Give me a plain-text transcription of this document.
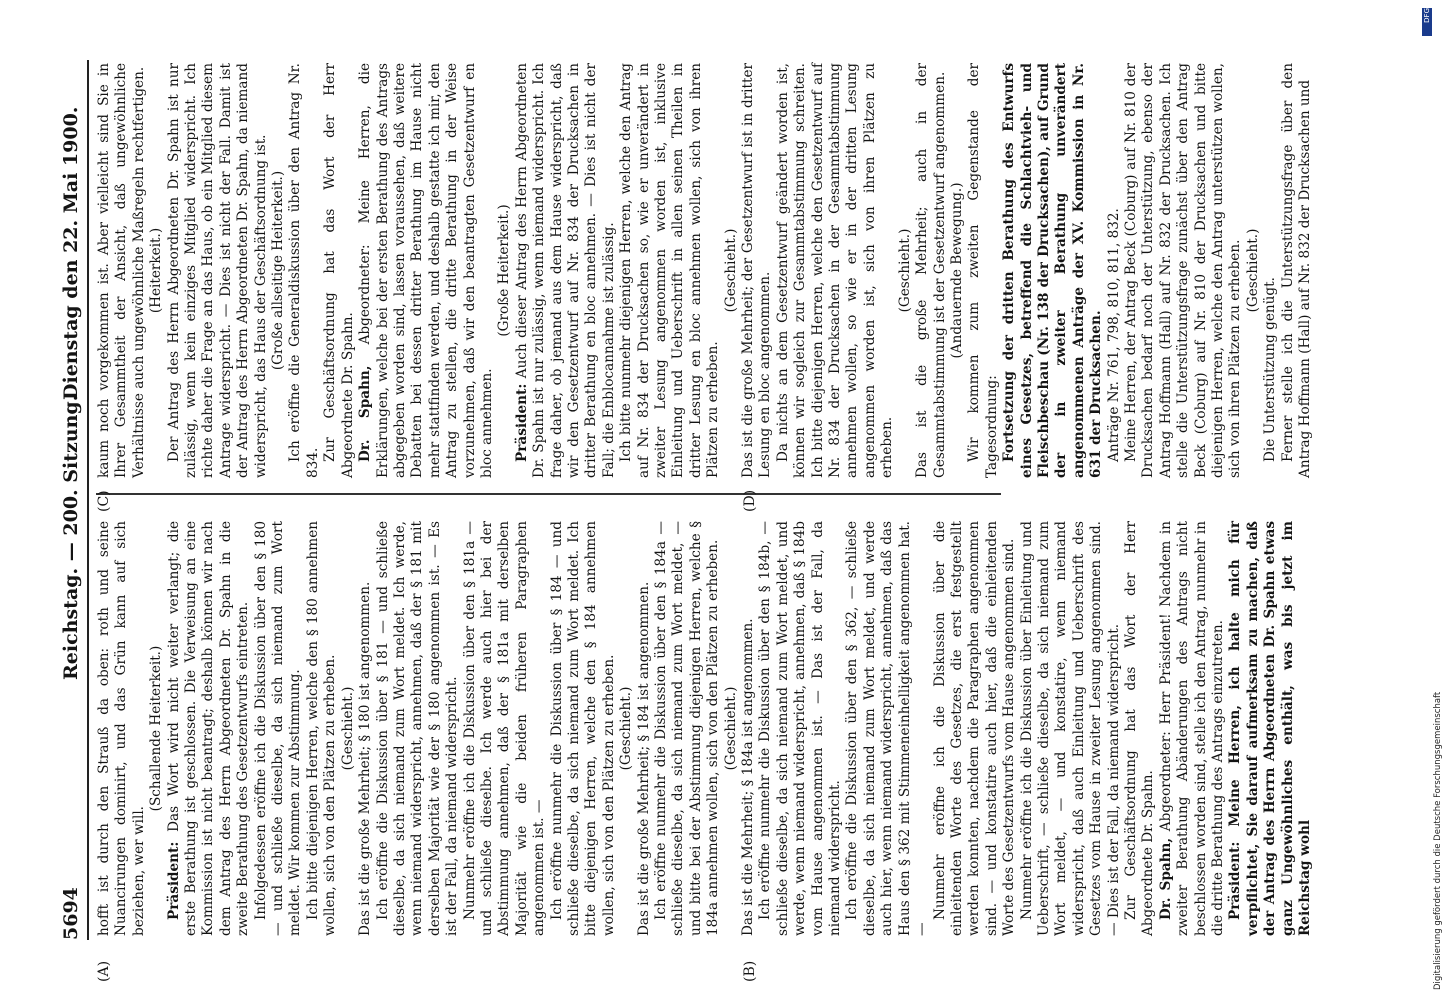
5694
Reichstag. — 200. Sitzung.
Dienstag den 22. Mai 1900.
(A)	(B)
(C)	(D)

hofft ist durch den Strauß da oben: roth und seine Nuancirungen dominirt, und das Grün kann auf sich beziehen, wer will.

(Schallende Heiterkeit.)

Präsident: Das Wort wird nicht weiter verlangt; die erste Berathung ist geschlossen. Die Verweisung an eine Kommission ist nicht beantragt; deshalb können wir nach dem Antrag des Herrn Abgeordneten Dr. Spahn in die zweite Berathung des Gesetzentwurfs eintreten. Infolgedessen eröffne ich die Diskussion über den § 180 — und schließe dieselbe, da sich niemand zum Wort meldet. Wir kommen zur Abstimmung. Ich bitte diejenigen Herren, welche den § 180 annehmen wollen, sich von den Plätzen zu erheben. (Geschieht.) Das ist die große Mehrheit; § 180 ist angenommen. Ich eröffne die Diskussion über § 181 — und schließe dieselbe, da sich niemand zum Wort meldet. Ich werde, wenn niemand widerspricht, annehmen, daß der § 181 mit derselben Majorität wie der § 180 angenommen ist. — Es ist der Fall, da niemand widerspricht. Nunmehr eröffne ich die Diskussion über den § 181a — und schließe dieselbe. Ich werde auch hier bei der Abstimmung annehmen, daß der § 181a mit derselben Majorität wie die beiden früheren Paragraphen angenommen ist. — Ich eröffne nunmehr die Diskussion über § 184 — und schließe dieselbe, da sich niemand zum Wort meldet. Ich bitte diejenigen Herren, welche den § 184 annehmen wollen, sich von den Plätzen zu erheben. (Geschieht.) Das ist die große Mehrheit; § 184 ist angenommen. Ich eröffne nunmehr die Diskussion über den § 184a — schließe dieselbe, da sich niemand zum Wort meldet, — und bitte bei der Abstimmung diejenigen Herren, welche § 184a annehmen wollen, sich von den Plätzen zu erheben. (Geschieht.) Das ist die Mehrheit; § 184a ist angenommen. Ich eröffne nunmehr die Diskussion über den § 184b, — schließe dieselbe, da sich niemand zum Wort meldet, und werde, wenn niemand widerspricht, annehmen, daß § 184b vom Hause angenommen ist. — Das ist der Fall, da niemand widerspricht. Ich eröffne die Diskussion über den § 362, — schließe dieselbe, da sich niemand zum Wort meldet, und werde auch hier, wenn niemand widerspricht, annehmen, daß das Haus den § 362 mit Stimmeneinhelligkeit angenommen hat. —

Nunmehr eröffne ich die Diskussion über die einleitenden Worte des Gesetzes, die erst festgestellt werden konnten, nachdem die Paragraphen angenommen sind. — und konstatire auch hier, daß die einleitenden Worte des Gesetzentwurfs vom Hause angenommen sind. Nunmehr eröffne ich die Diskussion über Einleitung und Ueberschrift, — schließe dieselbe, da sich niemand zum Wort meldet, — und konstatire, wenn niemand widerspricht, daß auch Einleitung und Ueberschrift des Gesetzes vom Hause in zweiter Lesung angenommen sind. — Dies ist der Fall, da niemand widerspricht. Zur Geschäftsordnung hat das Wort der Herr Abgeordnete Dr. Spahn. Dr. Spahn, Abgeordneter: Herr Präsident! Nachdem in zweiter Berathung Abänderungen des Antrags nicht beschlossen worden sind, stelle ich den Antrag, nunmehr in die dritte Berathung des Antrags einzutreten. Präsident: Meine Herren, ich halte mich für verpflichtet, Sie darauf aufmerksam zu machen, daß der Antrag des Herrn Abgeordneten Dr. Spahn etwas ganz Ungewöhnliches enthält, was bis jetzt im Reichstag wohl

kaum noch vorgekommen ist. Aber vielleicht sind Sie in Ihrer Gesammtheit der Ansicht, daß ungewöhnliche Verhältnisse auch ungewöhnliche Maßregeln rechtfertigen. (Heiterkeit.) Der Antrag des Herrn Abgeordneten Dr. Spahn ist nur zulässig, wenn kein einziges Mitglied widerspricht. Ich richte daher die Frage an das Haus, ob ein Mitglied diesem Antrage widerspricht. — Dies ist nicht der Fall. Damit ist der Antrag des Herrn Abgeordneten Dr. Spahn, da niemand widerspricht, das Haus der Geschäftsordnung ist. (Große allseitige Heiterkeit.) Ich eröffne die Generaldiskussion über den Antrag Nr. 834.

Zur Geschäftsordnung hat das Wort der Herr Abgeordnete Dr. Spahn. Dr. Spahn, Abgeordneter: Meine Herren, die Erklärungen, welche bei der ersten Berathung des Antrags abgegeben worden sind, lassen voraussehen, daß weitere Debatten bei dessen dritter Berathung im Hause nicht mehr stattfinden werden, und deshalb gestatte ich mir, den Antrag zu stellen, die dritte Berathung in der Weise vorzunehmen, daß wir den beantragten Gesetzentwurf en bloc annehmen.

(Große Heiterkeit.)

Präsident: Auch dieser Antrag des Herrn Abgeordneten Dr. Spahn ist nur zulässig, wenn niemand widerspricht. Ich frage daher, ob jemand aus dem Hause widerspricht, daß wir den Gesetzentwurf auf Nr. 834 der Drucksachen in dritter Berathung en bloc annehmen. — Dies ist nicht der Fall; die Enblocannahme ist zulässig. Ich bitte nunmehr diejenigen Herren, welche den Antrag auf Nr. 834 der Drucksachen so, wie er unverändert in zweiter Lesung angenommen worden ist, inklusive Einleitung und Ueberschrift in allen seinen Theilen in dritter Lesung en bloc annehmen wollen, sich von ihren Plätzen zu erheben.

(Geschieht.) Das ist die große Mehrheit; der Gesetzentwurf ist in dritter Lesung en bloc angenommen. Da nichts an dem Gesetzentwurf geändert worden ist, können wir sogleich zur Gesammtabstimmung schreiten. Ich bitte diejenigen Herren, welche den Gesetzentwurf auf Nr. 834 der Drucksachen in der Gesammtabstimmung annehmen wollen, so wie er in der dritten Lesung angenommen worden ist, sich von ihren Plätzen zu erheben.

(Geschieht.) Das ist die große Mehrheit; auch in der Gesammtabstimmung ist der Gesetzentwurf angenommen. (Andauernde Bewegung.) Wir kommen zum zweiten Gegenstande der Tagesordnung: Fortsetzung der dritten Berathung des Entwurfs eines Gesetzes, betreffend die Schlachtvieh- und Fleischbeschau (Nr. 138 der Drucksachen), auf Grund der in zweiter Berathung unverändert angenommenen Anträge der XV. Kommission in Nr. 631 der Drucksachen. Anträge Nr. 761, 798, 810, 811, 832. Meine Herren, der Antrag Beck (Coburg) auf Nr. 810 der Drucksachen bedarf noch der Unterstützung, ebenso der Antrag Hoffmann (Hall) auf Nr. 832 der Drucksachen. Ich stelle die Unterstützungsfrage zunächst über den Antrag Beck (Coburg) auf Nr. 810 der Drucksachen und bitte diejenigen Herren, welche den Antrag unterstützen wollen, sich von ihren Plätzen zu erheben. (Geschieht.)

Die Unterstützung genügt. Ferner stelle ich die Unterstützungsfrage über den Antrag Hoffmann (Hall) auf Nr. 832 der Drucksachen und

DFG
Digitalisierung gefördert durch die Deutsche Forschungsgemeinschaft
